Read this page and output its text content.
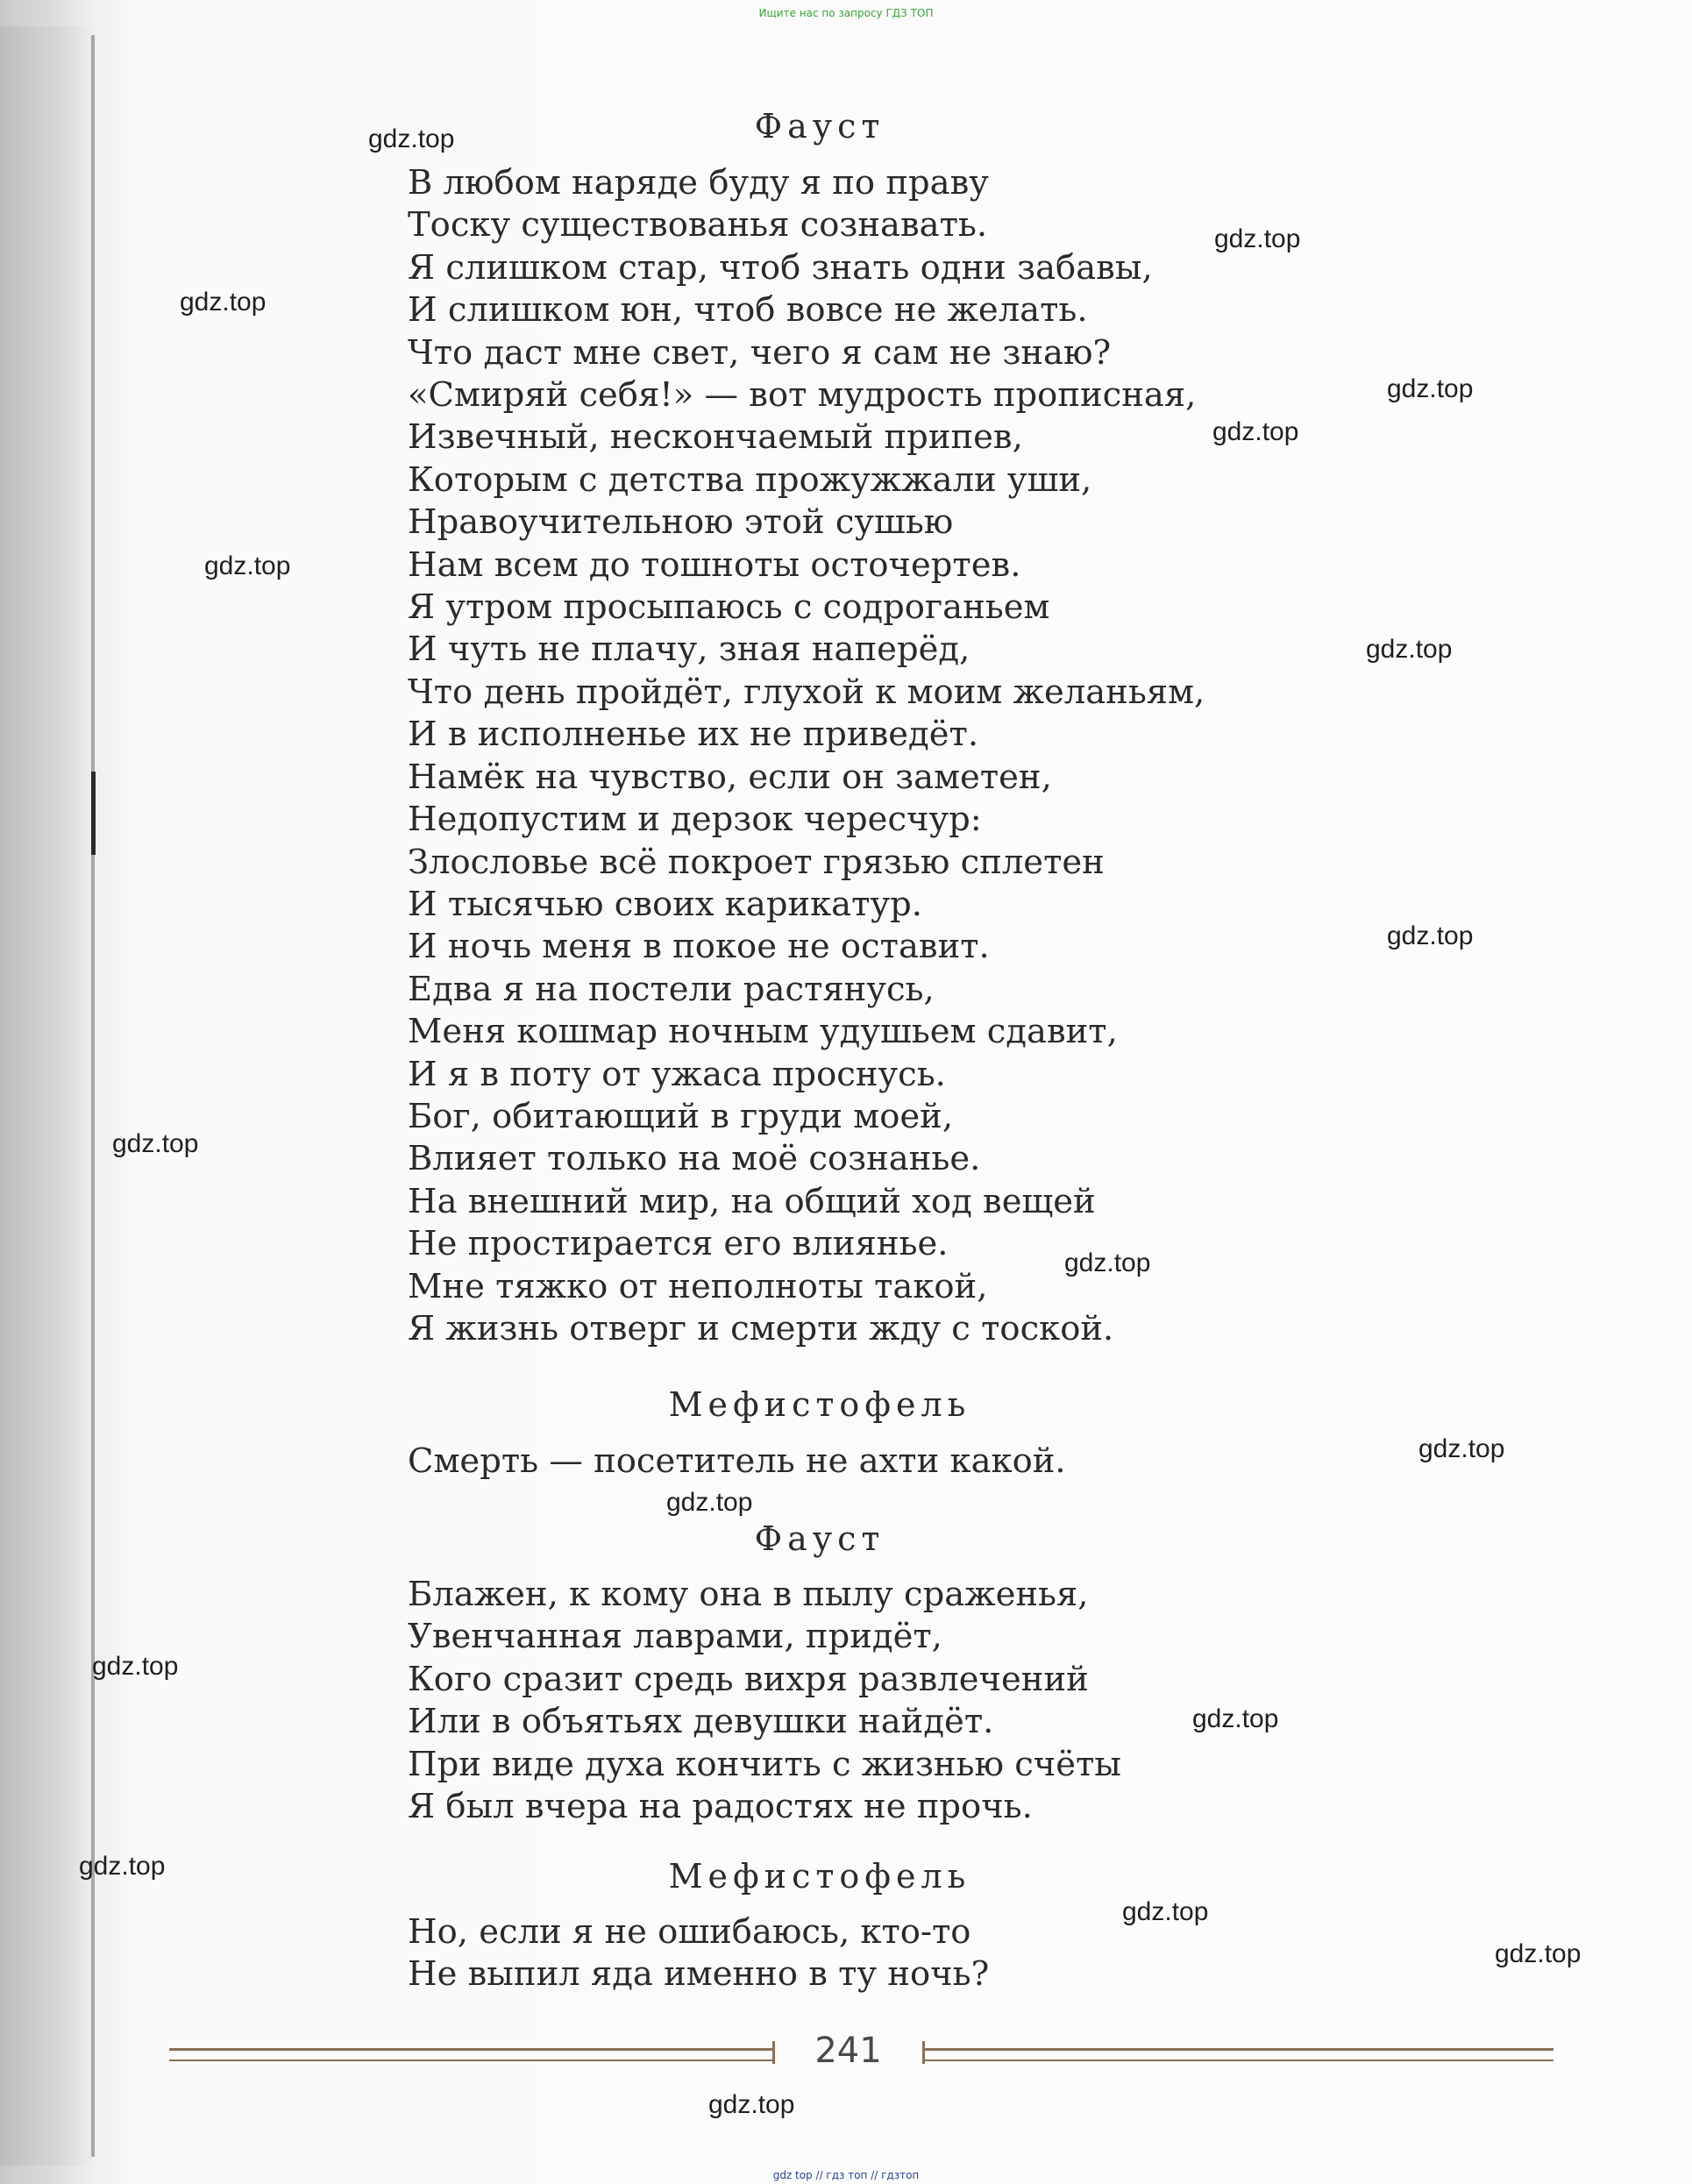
Ищите нас по запросу ГДЗ ТОП
Фауст
В любом наряде буду я по праву
Тоску существованья сознавать.
Я слишком стар, чтоб знать одни забавы,
И слишком юн, чтоб вовсе не желать.
Что даст мне свет, чего я сам не знаю?
«Смиряй себя!» — вот мудрость прописная,
Извечный, нескончаемый припев,
Которым с детства прожужжали уши,
Нравоучительною этой сушью
Нам всем до тошноты осточертев.
Я утром просыпаюсь с содроганьем
И чуть не плачу, зная наперёд,
Что день пройдёт, глухой к моим желаньям,
И в исполненье их не приведёт.
Намёк на чувство, если он заметен,
Недопустим и дерзок чересчур:
Злословье всё покроет грязью сплетен
И тысячью своих карикатур.
И ночь меня в покое не оставит.
Едва я на постели растянусь,
Меня кошмар ночным удушьем сдавит,
И я в поту от ужаса проснусь.
Бог, обитающий в груди моей,
Влияет только на моё сознанье.
На внешний мир, на общий ход вещей
Не простирается его влиянье.
Мне тяжко от неполноты такой,
Я жизнь отверг и смерти жду с тоской.
Мефистофель
Смерть — посетитель не ахти какой.
Фауст
Блажен, к кому она в пылу сраженья,
Увенчанная лаврами, придёт,
Кого сразит средь вихря развлечений
Или в объятьях девушки найдёт.
При виде духа кончить с жизнью счёты
Я был вчера на радостях не прочь.
Мефистофель
Но, если я не ошибаюсь, кто-то
Не выпил яда именно в ту ночь?
241
gdz.top
gdz.top
gdz.top
gdz.top
gdz.top
gdz.top
gdz.top
gdz.top
gdz.top
gdz.top
gdz.top
gdz.top
gdz.top
gdz.top
gdz.top
gdz.top
gdz.top
gdz.top
gdz top // гдз топ // гдзтоп
